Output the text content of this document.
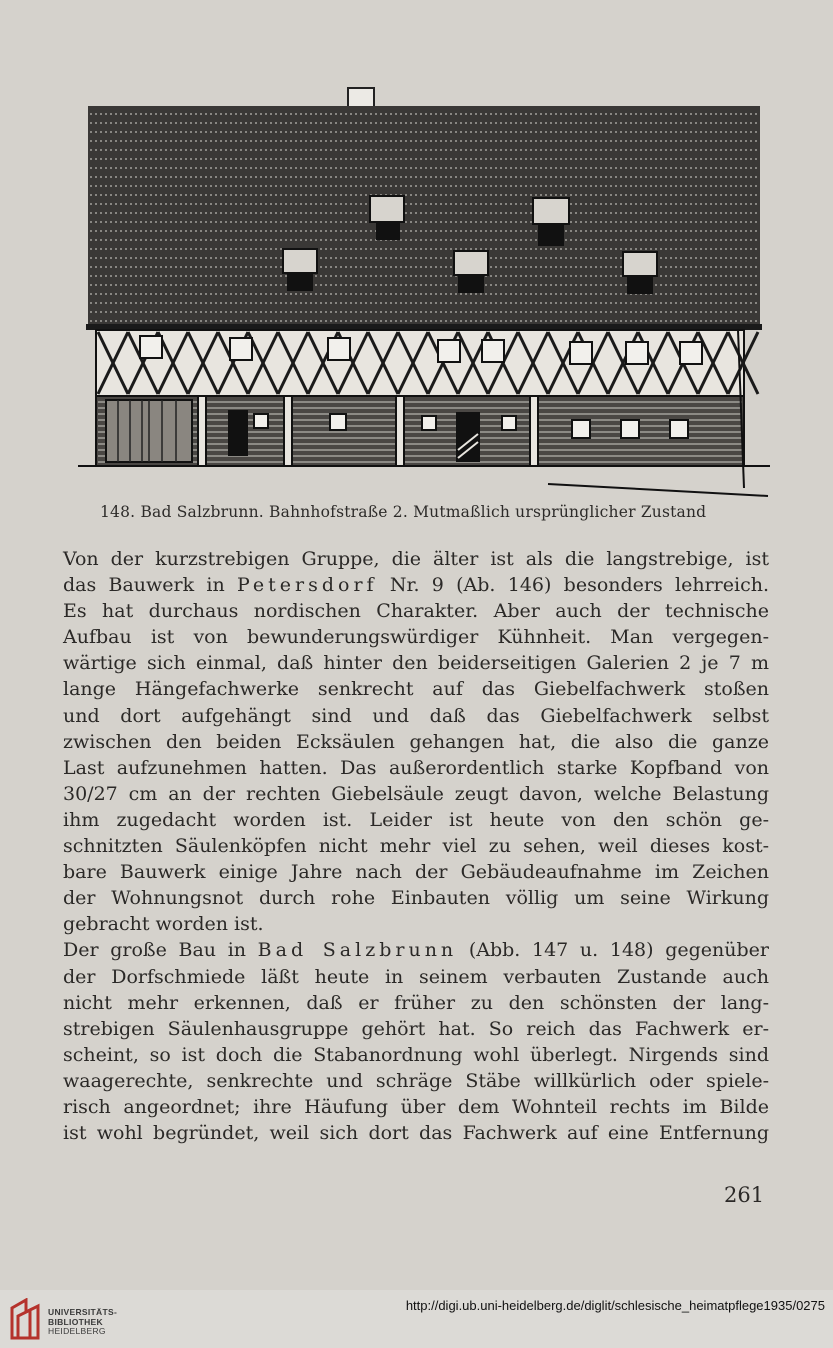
148. Bad Salzbrunn. Bahnhofstraße 2. Mutmaßlich ursprünglicher Zustand
Von der kurzstrebigen Gruppe, die älter ist als die langstrebige, ist
das Bauwerk in Petersdorf Nr. 9 (Ab. 146) besonders lehrreich.
Es hat durchaus nordischen Charakter. Aber auch der technische
Aufbau ist von bewunderungswürdiger Kühnheit. Man vergegen-
wärtige sich einmal, daß hinter den beiderseitigen Galerien 2 je 7 m
lange Hängefachwerke senkrecht auf das Giebelfachwerk stoßen
und dort aufgehängt sind und daß das Giebelfachwerk selbst
zwischen den beiden Ecksäulen gehangen hat, die also die ganze
Last aufzunehmen hatten. Das außerordentlich starke Kopfband von
30/27 cm an der rechten Giebelsäule zeugt davon, welche Belastung
ihm zugedacht worden ist. Leider ist heute von den schön ge-
schnitzten Säulenköpfen nicht mehr viel zu sehen, weil dieses kost-
bare Bauwerk einige Jahre nach der Gebäudeaufnahme im Zeichen
der Wohnungsnot durch rohe Einbauten völlig um seine Wirkung
gebracht worden ist.
Der große Bau in Bad Salzbrunn (Abb. 147 u. 148) gegenüber
der Dorfschmiede läßt heute in seinem verbauten Zustande auch
nicht mehr erkennen, daß er früher zu den schönsten der lang-
strebigen Säulenhausgruppe gehört hat. So reich das Fachwerk er-
scheint, so ist doch die Stabanordnung wohl überlegt. Nirgends sind
waagerechte, senkrechte und schräge Stäbe willkürlich oder spiele-
risch angeordnet; ihre Häufung über dem Wohnteil rechts im Bilde
ist wohl begründet, weil sich dort das Fachwerk auf eine Entfernung
261
UNIVERSITÄTS-
BIBLIOTHEK
HEIDELBERG
http://digi.ub.uni-heidelberg.de/diglit/schlesische_heimatpflege1935/0275
